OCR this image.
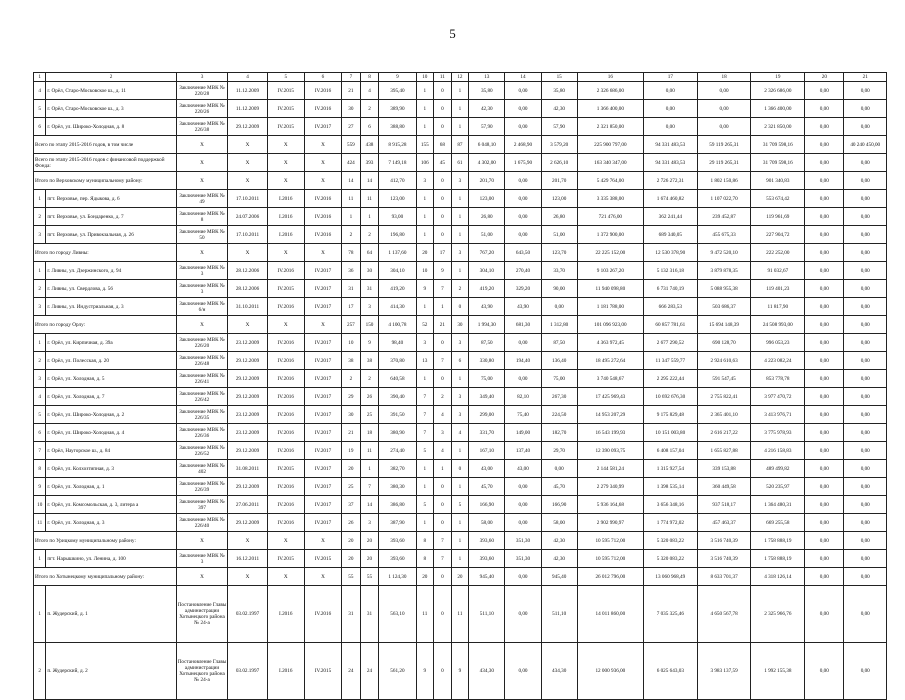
5
1	2	3	4	5	6	7	8	9	10	11	12	13	14	15	16	17	18	19	20	21
4	г. Орёл, Старо-Московское ш., д. 11	Заключение МВК № 220/28	11.12.2009	IV.2015	IV.2016	21	4	395,40	1	0	1	35,80	0,00	35,80	2 326 686,00	0,00	0,00	2 326 686,00	0,00	0,00
5	г. Орёл, Старо-Московское ш., д. 3	Заключение МВК № 220/26	11.12.2009	IV.2015	IV.2016	30	2	389,90	1	0	1	42,30	0,00	42,30	1 366 400,00	0,00	0,00	1 366 400,00	0,00	0,00
6	г. Орёл, ул. Широко-Холодная, д. 8	Заключение МВК № 226/38	29.12.2009	IV.2015	IV.2017	27	6	388,80	1	0	1	57,90	0,00	57,90	2 321 850,00	0,00	0,00	2 321 850,00	0,00	0,00
Всего по этапу 2015-2016 годов, в том числе		X	X	X	X	559	438	8 915,28	155	68	87	6 048,10	2 468,90	3 579,20	225 900 797,00	94 331 483,53	59 119 265,31	31 709 598,16	0,00	40 240 450,00
Всего по этапу 2015-2016 годов с финансовой поддержкой Фонда:		X	X	X	X	424	393	7 149,18	106	45	61	4 302,00	1 675,90	2 626,10	163 340 347,00	94 331 483,53	29 119 265,31	31 709 598,16	0,00	0,00
Итого по Верховскому муниципальному району:		X	X	X	X	14	14	412,70	3	0	3	201,70	0,00	201,70	5 429 764,00	2 726 272,31	1 802 150,86	901 340,83	0,00	0,00
1	пгт. Верховье, пер. Ядыкова, д. 6	Заключение МВК № 49	17.10.2011	I.2016	IV.2016	11	11	123,00	1	0	1	123,00	0,00	123,00	3 335 388,00	1 674 460,82	1 107 022,70	553 674,42	0,00	0,00
2	пгт. Верховье, ул. Бондаренко, д. 7	Заключение МВК № 8	24.07.2006	I.2016	IV.2016	1	1	93,00	1	0	1	26,80	0,00	26,80	721 476,00	362 241,44	239 452,87	119 961,69	0,00	0,00
3	пгт. Верховье, ул. Привокзальная, д. 26	Заключение МВК № 50	17.10.2011	I.2016	IV.2016	2	2	196,80	1	0	1	51,00	0,00	51,00	1 372 900,00	689 340,05	455 675,33	227 904,72	0,00	0,00
Итого по городу Ливны:		X	X	X	X	78	64	1 137,60	20	17	3	767,20	643,50	123,70	22 225 152,00	12 530 378,90	9 472 520,10	222 252,00	0,00	0,00
1	г. Ливны, ул. Дзержинского, д. 94	Заключение МВК № 3	28.12.2006	IV.2016	IV.2017	36	30	304,10	10	9	1	304,10	270,40	33,70	9 103 267,20	5 132 316,18	3 879 878,35	91 032,67	0,00	0,00
2	г. Ливны, ул. Свердлова, д. 56	Заключение МВК № 3	28.12.2006	IV.2015	IV.2017	31	31	419,20	9	7	2	419,20	329,20	90,00	11 940 098,80	6 731 740,19	5 088 955,38	119 401,23	0,00	0,00
3	г. Ливны, ул. Индустриальная, д. 3	Заключение МВК № 6/н	31.10.2011	IV.2016	IV.2017	17	3	414,30	1	1	0	43,90	43,90	0,00	1 181 788,00	666 283,53	503 686,37	11 817,90	0,00	0,00
Итого по городу Орлу:		X	X	X	X	257	150	4 100,78	52	21	30	1 994,30	681,30	1 312,80	101 096 923,00	60 857 781,61	15 694 148,39	24 508 993,00	0,00	0,00
1	г. Орёл, ул. Кирпичная, д. 39а	Заключение МВК № 226/20	23.12.2009	IV.2016	IV.2017	10	9	98,40	3	0	3	87,50	0,00	87,50	4 363 972,45	2 677 290,52	690 128,70	996 053,23	0,00	0,00
2	г. Орёл, ул. Полесская, д. 20	Заключение МВК № 226/48	29.12.2009	IV.2016	IV.2017	38	38	370,80	13	7	6	330,80	194,40	136,40	18 495 272,64	11 347 559,77	2 924 610,63	4 223 082,24	0,00	0,00
3	г. Орёл, ул. Холодная, д. 5	Заключение МВК № 226/41	29.12.2009	IV.2016	IV.2017	2	2	640,58	1	0	1	75,00	0,00	75,00	3 740 548,67	2 295 222,44	591 547,45	853 778,78	0,00	0,00
4	г. Орёл, ул. Холодная, д. 7	Заключение МВК № 226/42	29.12.2009	IV.2016	IV.2017	29	26	390,40	7	2	3	349,40	82,10	267,30	17 425 969,43	10 692 676,30	2 755 822,41	3 977 470,72	0,00	0,00
5	г. Орёл, ул. Широко-Холодная, д. 2	Заключение МВК № 226/35	23.12.2009	IV.2016	IV.2017	30	25	391,50	7	4	3	299,00	75,40	224,50	14 953 207,29	9 175 829,48	2 365 401,10	3 413 976,71	0,00	0,00
6	г. Орёл, ул. Широко-Холодная, д. 4	Заключение МВК № 226/36	23.12.2009	IV.2016	IV.2017	21	18	380,90	7	3	4	331,70	149,00	182,70	16 543 199,93	10 151 003,80	2 616 217,22	3 775 978,93	0,00	0,00
7	г. Орёл, Наугорское ш., д. 84	Заключение МВК № 226/52	29.12.2009	IV.2016	IV.2017	19	11	274,40	5	4	1	167,10	137,40	29,70	12 390 093,75	6 408 157,04	1 655 827,88	4 216 158,83	0,00	0,00
8	г. Орёл, ул. Колхозтипная, д. 3	Заключение МВК № 402	31.08.2011	IV.2015	IV.2017	20	1	382,70	1	1	0	43,00	43,00	0,00	2 144 581,24	1 315 927,54	339 153,88	489 499,82	0,00	0,00
9	г. Орёл, ул. Холодная, д. 1	Заключение МВК № 226/39	29.12.2009	IV.2016	IV.2017	25	7	380,30	1	0	1	45,70	0,00	45,70	2 279 340,99	1 398 535,14	360 449,58	520 235,97	0,00	0,00
10	г. Орёл, ул. Комсомольская, д. 3, литера а	Заключение МВК № 397	27.06.2011	IV.2016	IV.2017	37	14	386,80	5	0	5	166,90	0,00	166,90	5 936 164,68	3 656 348,16	937 518,17	1 364 480,31	0,00	0,00
11	г. Орёл, ул. Холодная, д. 3	Заключение МВК № 226/40	29.12.2009	IV.2016	IV.2017	26	3	387,90	1	0	1	58,00	0,00	58,00	2 902 990,97	1 774 972,02	457 463,37	669 255,58	0,00	0,00
Итого по Урицкому муниципальному району:		X	X	X	X	20	20	393,60	8	7	1	393,60	351,30	42,30	10 595 712,00	5 320 083,22	3 516 740,39	1 758 888,19	0,00	0,00
1	пгт. Нарышкино, ул. Ленина, д. 100	Заключение МВК № 3	16.12.2011	IV.2015	IV.2015	20	20	393,60	8	7	1	393,60	351,30	42,30	10 595 712,00	5 320 083,22	3 516 740,39	1 758 888,19	0,00	0,00
Итого по Хотынецкому муниципальному району:		X	X	X	X	55	55	1 124,30	20	0	20	945,40	0,00	945,40	26 012 796,00	13 060 968,49	8 633 701,37	4 318 126,14	0,00	0,00
1	п. Жудерский, д. 1	Постановление Главы администрации Хотынецкого района № 24-а	03.02.1997	I.2016	IV.2016	31	31	563,10	11	0	11	511,10	0,00	511,10	14 011 860,00	7 035 325,46	4 650 567,78	2 325 966,76	0,00	0,00
2	п. Жудерский, д. 2	Постановление Главы администрации Хотынецкого района № 24-а	03.02.1997	I.2016	IV.2015	24	24	561,20	9	0	9	434,30	0,00	434,30	12 000 936,00	6 025 643,03	3 983 137,59	1 992 155,38	0,00	0,00
